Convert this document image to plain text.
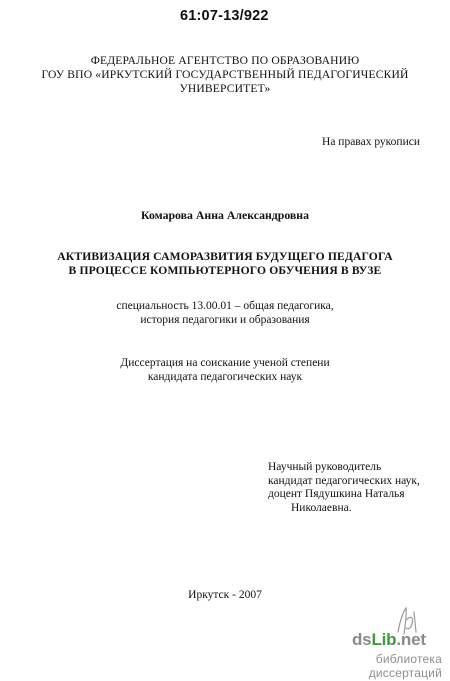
61:07-13/922
ФЕДЕРАЛЬНОЕ АГЕНТСТВО ПО ОБРАЗОВАНИЮ
ГОУ ВПО «ИРКУТСКИЙ ГОСУДАРСТВЕННЫЙ ПЕДАГОГИЧЕСКИЙ
УНИВЕРСИТЕТ»
На правах рукописи
Комарова Анна Александровна
АКТИВИЗАЦИЯ САМОРАЗВИТИЯ БУДУЩЕГО ПЕДАГОГА
В ПРОЦЕССЕ КОМПЬЮТЕРНОГО ОБУЧЕНИЯ В ВУЗЕ
специальность 13.00.01 – общая педагогика,
история педагогики и образования
Диссертация на соискание ученой степени
кандидата педагогических наук
Научный руководитель
кандидат педагогических наук,
доцент Пядушкина Наталья
Николаевна.
Иркутск - 2007
dsLib.net
библиотека диссертаций
